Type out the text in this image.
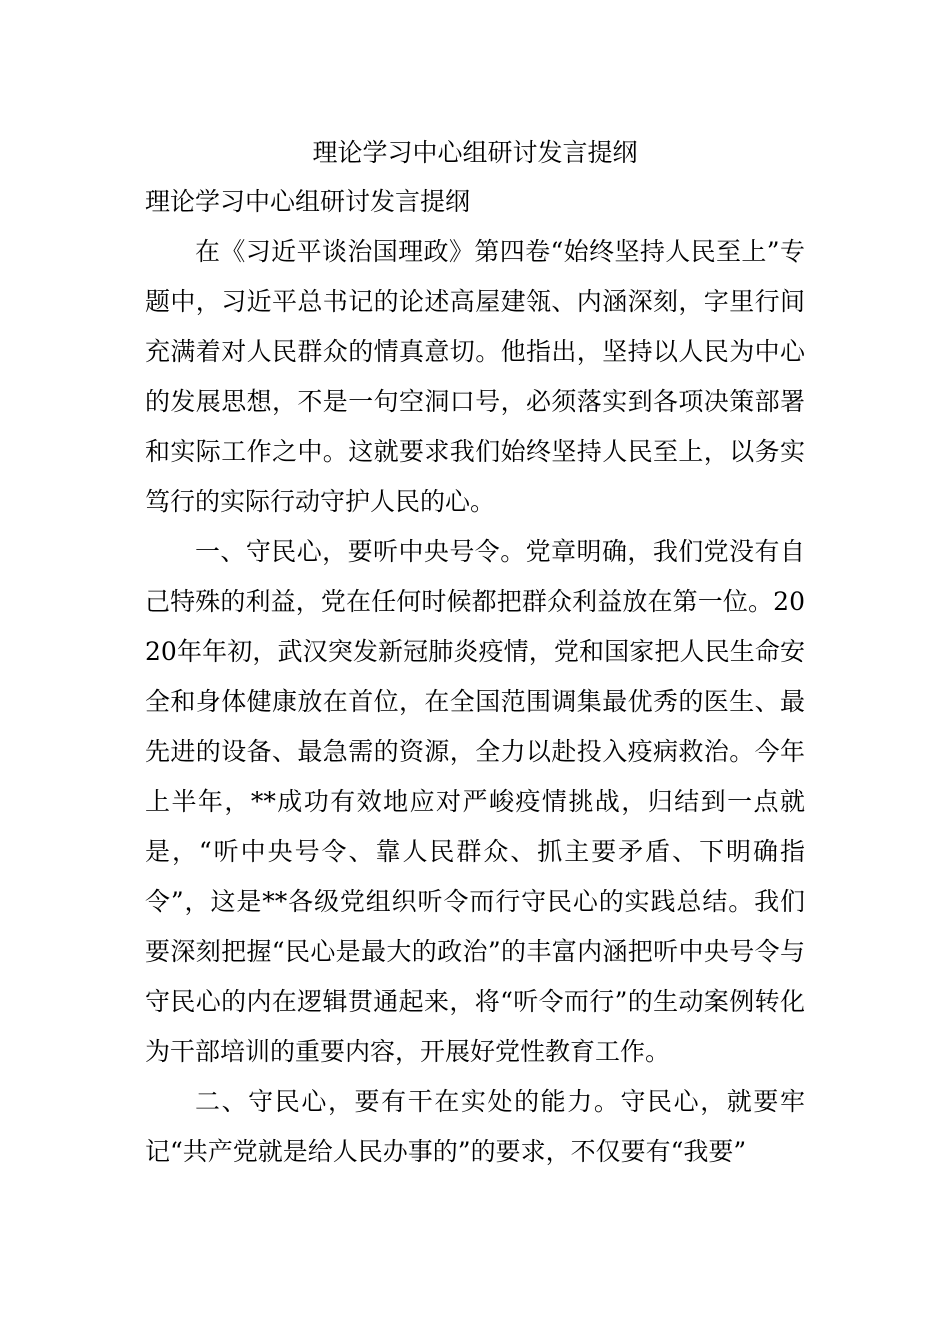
理论学习中心组研讨发言提纲

理论学习中心组研讨发言提纲

在《习近平谈治国理政》第四卷“始终坚持人民至上”专题中，习近平总书记的论述高屋建瓴、内涵深刻，字里行间充满着对人民群众的情真意切。他指出，坚持以人民为中心的发展思想，不是一句空洞口号，必须落实到各项决策部署和实际工作之中。这就要求我们始终坚持人民至上，以务实笃行的实际行动守护人民的心。

一、守民心，要听中央号令。党章明确，我们党没有自己特殊的利益，党在任何时候都把群众利益放在第一位。2020年年初，武汉突发新冠肺炎疫情，党和国家把人民生命安全和身体健康放在首位，在全国范围调集最优秀的医生、最先进的设备、最急需的资源，全力以赴投入疫病救治。今年上半年，**成功有效地应对严峻疫情挑战，归结到一点就是，“听中央号令、靠人民群众、抓主要矛盾、下明确指令”，这是**各级党组织听令而行守民心的实践总结。我们要深刻把握“民心是最大的政治”的丰富内涵把听中央号令与守民心的内在逻辑贯通起来，将“听令而行”的生动案例转化为干部培训的重要内容，开展好党性教育工作。

二、守民心，要有干在实处的能力。守民心，就要牢记“共产党就是给人民办事的”的要求，不仅要有“我要”
